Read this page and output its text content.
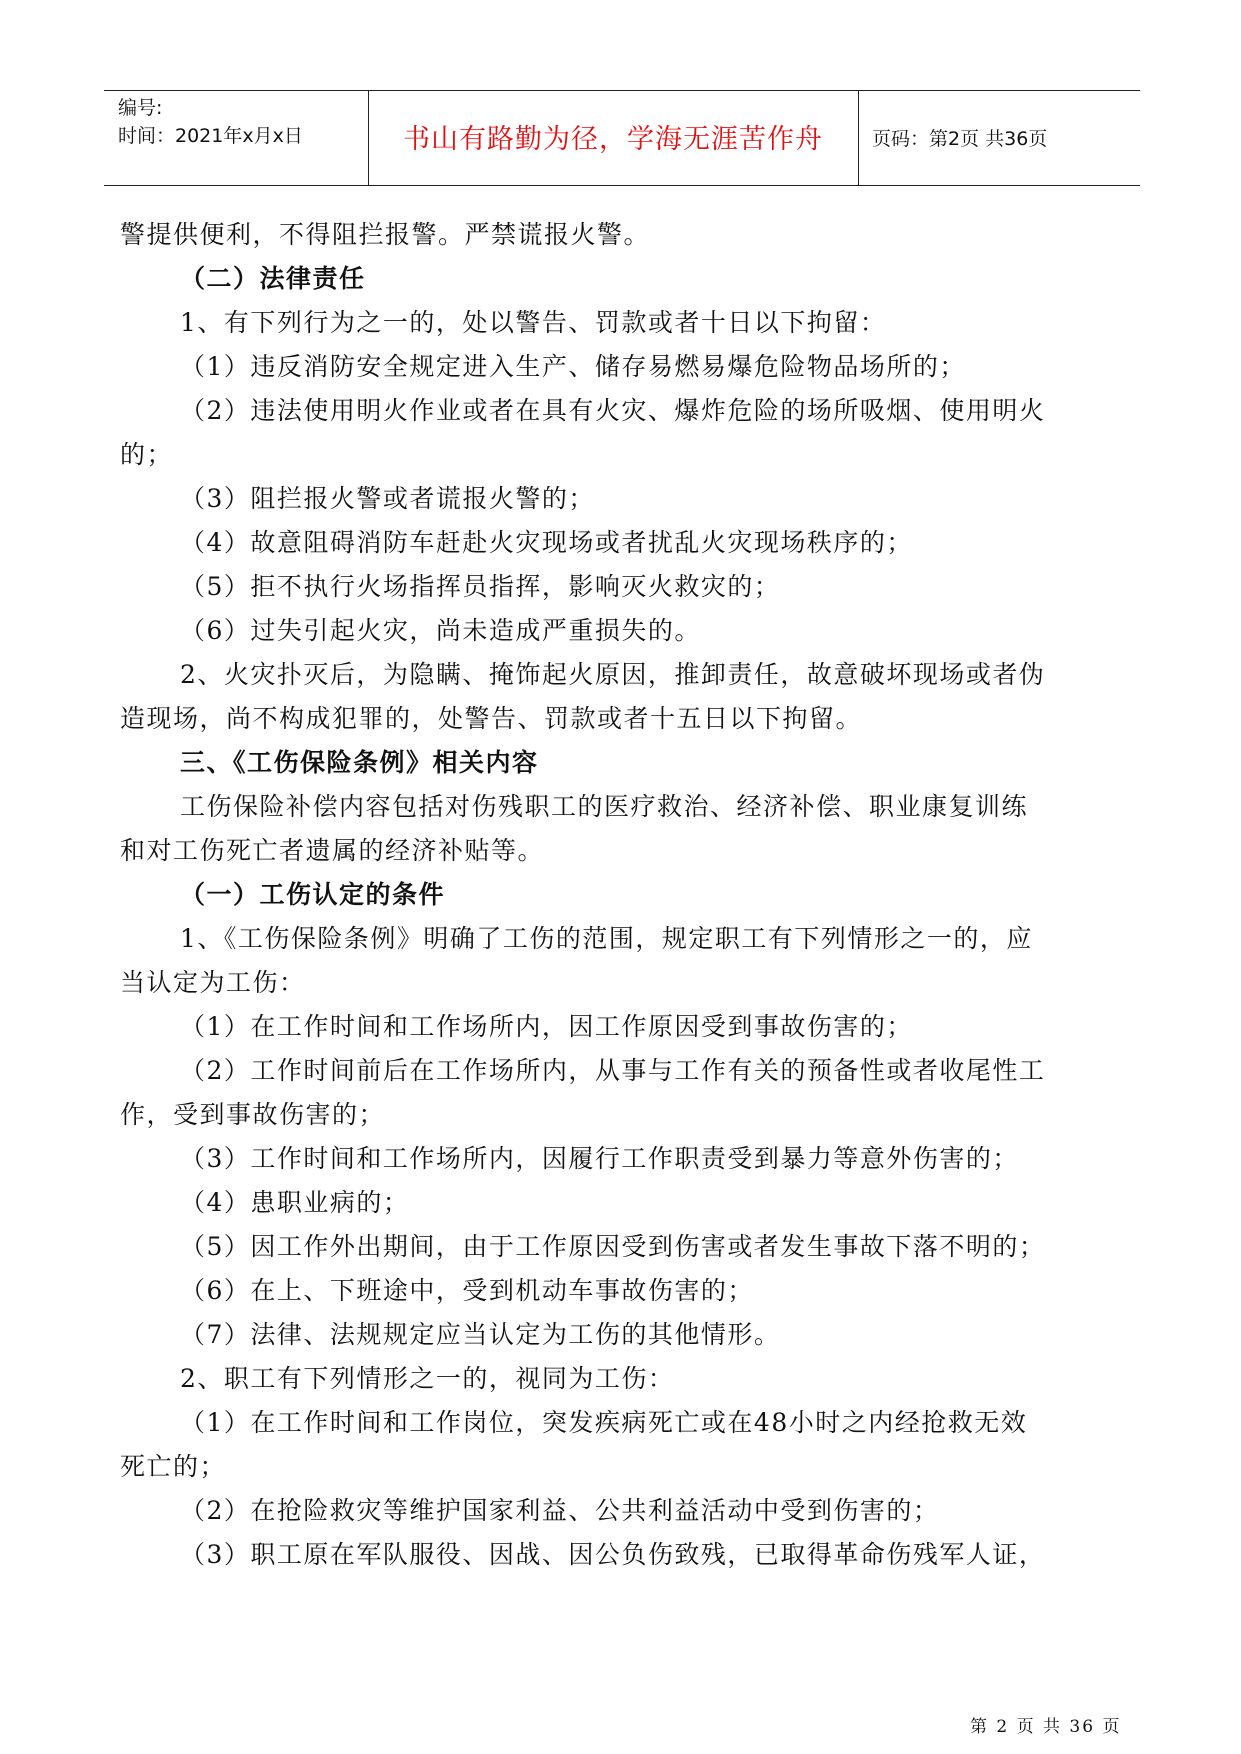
编号:
时间：2021年x月x日	书山有路勤为径，学海无涯苦作舟	页码：第2页 共36页

警提供便利，不得阻拦报警。严禁谎报火警。

（二）法律责任

1、有下列行为之一的，处以警告、罚款或者十日以下拘留：

（1）违反消防安全规定进入生产、储存易燃易爆危险物品场所的；

（2）违法使用明火作业或者在具有火灾、爆炸危险的场所吸烟、使用明火

的；

（3）阻拦报火警或者谎报火警的；

（4）故意阻碍消防车赶赴火灾现场或者扰乱火灾现场秩序的；

（5）拒不执行火场指挥员指挥，影响灭火救灾的；

（6）过失引起火灾，尚未造成严重损失的。

2、火灾扑灭后，为隐瞒、掩饰起火原因，推卸责任，故意破坏现场或者伪

造现场，尚不构成犯罪的，处警告、罚款或者十五日以下拘留。

三、《工伤保险条例》相关内容

工伤保险补偿内容包括对伤残职工的医疗救治、经济补偿、职业康复训练

和对工伤死亡者遗属的经济补贴等。

（一）工伤认定的条件

1、《工伤保险条例》明确了工伤的范围，规定职工有下列情形之一的，应

当认定为工伤：

（1）在工作时间和工作场所内，因工作原因受到事故伤害的；

（2）工作时间前后在工作场所内，从事与工作有关的预备性或者收尾性工

作，受到事故伤害的；

（3）工作时间和工作场所内，因履行工作职责受到暴力等意外伤害的；

（4）患职业病的；

（5）因工作外出期间，由于工作原因受到伤害或者发生事故下落不明的；

（6）在上、下班途中，受到机动车事故伤害的；

（7）法律、法规规定应当认定为工伤的其他情形。

2、职工有下列情形之一的，视同为工伤：

（1）在工作时间和工作岗位，突发疾病死亡或在48小时之内经抢救无效

死亡的；

（2）在抢险救灾等维护国家利益、公共利益活动中受到伤害的；

（3）职工原在军队服役、因战、因公负伤致残，已取得革命伤残军人证，

第 2 页 共 36 页
